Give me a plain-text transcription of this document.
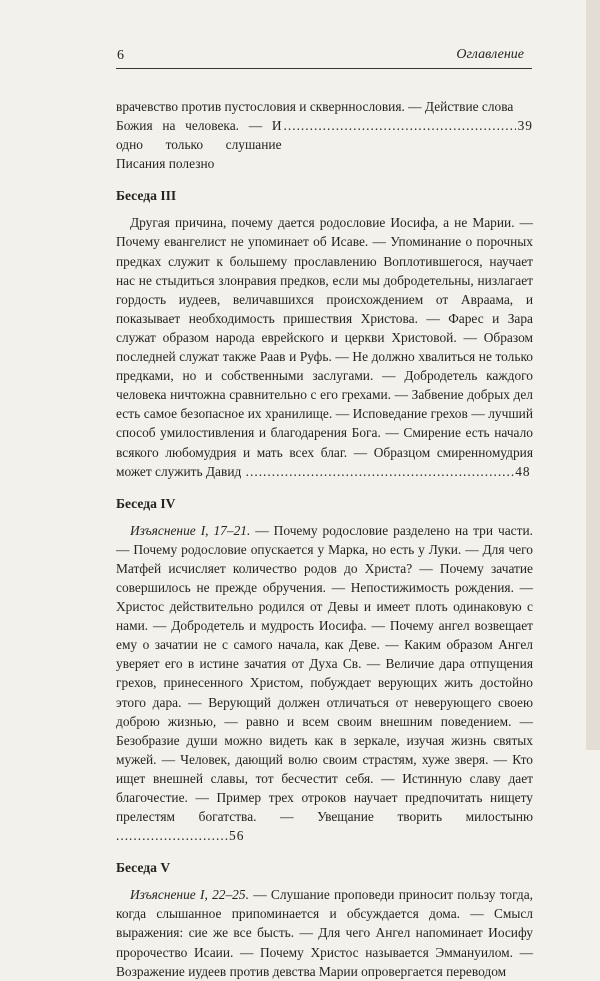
6	Оглавление

врачевство против пустословия и скверннословия. — Действие слова

Божия на человека. — И одно только слушание Писания полезно
.....
39
Беседа III

Другая причина, почему дается родословие Иосифа, а не Марии. — Почему евангелист не упоминает об Исаве. — Упоминание о порочных предках служит к большему прославлению Воплотившегося, научает нас не стыдиться злонравия предков, если мы добродетельны, низлагает гордость иудеев, величавшихся происхождением от Авраама, и показывает необходимость пришествия Христова. — Фарес и Зара служат образом народа еврейского и церкви Христовой. — Образом последней служат также Раав и Руфь. — Не должно хвалиться не только предками, но и собственными заслугами. — Добродетель каждого человека ничтожна сравнительно с его грехами. — Забвение добрых дел есть самое безопасное их хранилище. — Исповедание грехов — лучший способ умилостивления и благодарения Бога. — Смирение есть начало всякого любомудрия и мать всех благ. — Образцом смиренномудрия может служить Давид ..............................................................48

Беседа IV

Изъяснение I, 17–21. — Почему родословие разделено на три части. — Почему родословие опускается у Марка, но есть у Луки. — Для чего Матфей исчисляет количество родов до Христа? — Почему зачатие совершилось не прежде обручения. — Непостижимость рождения. — Христос действительно родился от Девы и имеет плоть одинаковую с нами. — Добродетель и мудрость Иосифа. — Почему ангел возвещает ему о зачатии не с самого начала, как Деве. — Каким образом Ангел уверяет его в истине зачатия от Духа Св. — Величие дара отпущения грехов, принесенного Христом, побуждает верующих жить достойно этого дара. — Верующий должен отличаться от неверующего своею доброю жизнью, — равно и всем своим внешним поведением. — Безобразие души можно видеть как в зеркале, изучая жизнь святых мужей. — Человек, дающий волю своим страстям, хуже зверя. — Кто ищет внешней славы, тот бесчестит себя. — Истинную славу дает благочестие. — Пример трех отроков научает предпочитать нищету прелестям богатства. — Увещание творить милостыню ..........................56

Беседа V

Изъяснение I, 22–25. — Слушание проповеди приносит пользу тогда, когда слышанное припоминается и обсуждается дома. — Смысл выражения: сие же все бысть. — Для чего Ангел напоминает Иосифу пророчество Исаии. — Почему Христос называется Эммануилом. — Возражение иудеев против девства Марии опровергается переводом
